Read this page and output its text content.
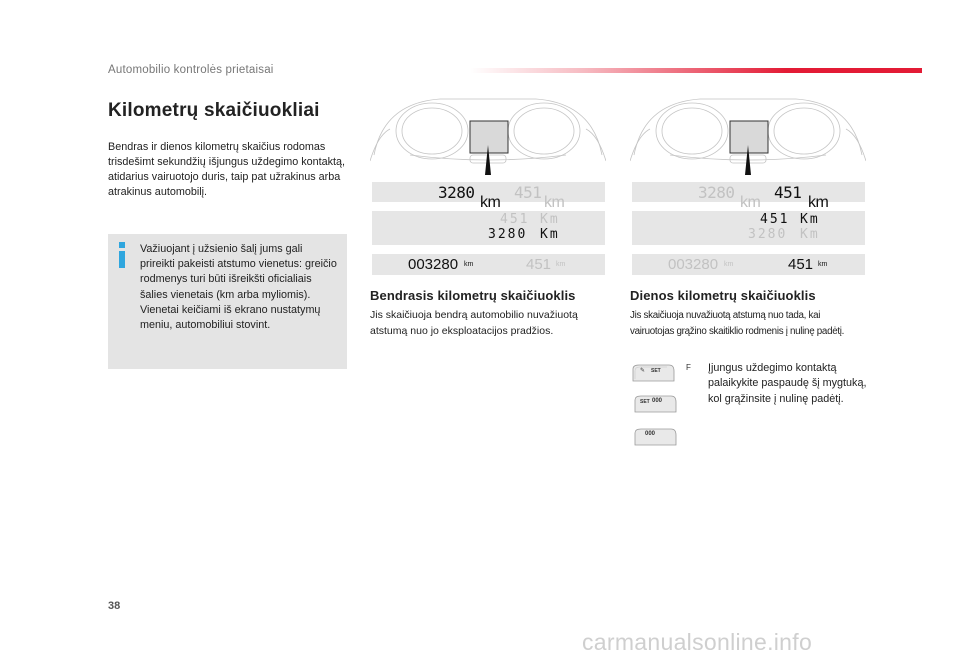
Automobilio kontrolės prietaisai
Kilometrų skaičiuokliai

Bendras ir dienos kilometrų skaičius rodomas trisdešimt sekundžių išjungus uždegimo kontaktą, atidarius vairuotojo duris, taip pat užrakinus arba atrakinus automobilį.

Važiuojant į užsienio šalį jums gali prireikti pakeisti atstumo vienetus: greičio rodmenys turi būti išreikšti oficialiais šalies vienetais (km arba myliomis). Vienetai keičiami iš ekrano nustatymų meniu, automobiliui stovint.

3280
km
451
km
451 Km
3280 Km
003280 km	451 km
3280
km
451
km
451 Km
3280 Km
003280 km	451 km
Bendrasis kilometrų skaičiuoklis

Jis skaičiuoja bendrą automobilio nuvažiuotą atstumą nuo jo eksploatacijos pradžios.

Dienos kilometrų skaičiuoklis

Jis skaičiuoja nuvažiuotą atstumą nuo tada, kai vairuotojas grąžino skaitiklio rodmenis į nulinę padėtį.

✎ SET
SET 000
000
F Įjungus uždegimo kontaktą palaikykite paspaudę šį mygtuką, kol grąžinsite į nulinę padėtį.

38
carmanualsonline.info
